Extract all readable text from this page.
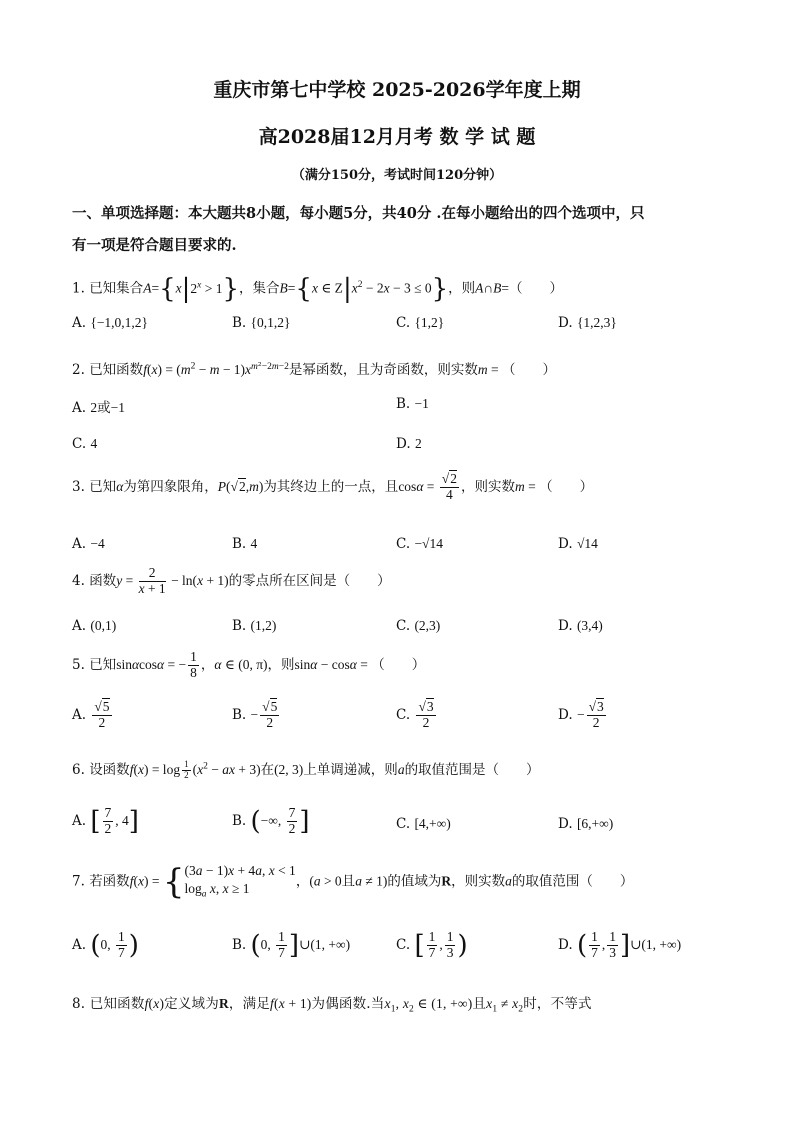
重庆市第七中学校 2025-2026学年度上期
高2028届12月月考 数 学 试 题
（满分150分，考试时间120分钟）
一、单项选择题：本大题共8小题，每小题5分，共40分 .在每小题给出的四个选项中，只
有一项是符合题目要求的.
1. 已知集合$A=\{x|2^x > 1\}$，集合B={x ∈ $Z|x^2 - 2x - 3 \le 0$}，则A∩B=（　　）
A. {−1,0,1,2}	B. {0,1,2}	C. {1,2}	D. {1,2,3}
2. 已知函数$f(x) = (m^2 - m - 1)x^{m^2-2m-2}$是幂函数，且为奇函数，则实数m = （　　）
A. 2或−1	B. −1
C. 4	D. 2
3. 已知α为第四象限角，P(√2,m)为其终边上的一点，且$\cos\alpha = \frac{√2}{4}$ ，则实数m = （　　）
A. −4	B. 4	C. −√14	D. √14
4. 函数$y = \frac{2}{x + 1} - \ln(x + 1)$的零点所在区间是（　　）
A. (0,1)	B. (1,2)	C. (2,3)	D. (3,4)
5. 已知sinαcosα = − $\frac{1}{8}$ ，α ∈ (0, π)，则sinα − cosα = （　　）
A. $\frac{√5}{2}$	B. − $\frac{√5}{2}$	C. $\frac{√3}{2}$	D. − $\frac{√3}{2}$
6. 设函数$f(x) = \log \frac{1}{2} (x^2$ − ax + 3)在(2, 3)上单调递减，则a的取值范围是（　　）
A. [ $\frac{7}{2}$ , 4]	B. (−∞, $\frac{7}{2}$ ]	C. [4,+∞)	D. [6,+∞)
7. 若函数f(x) = {(3a − 1)x + 4a, x < 1
$\log_a x$, x ≥ 1	，(a > 0且a ≠ 1)的值域为R，则实数a的取值范围（　　）
A. (0, $\frac{1}{7}$ )	B. (0, $\frac{1}{7}$ ]∪(1, +∞)	C. [ $\frac{1}{7}$ , $\frac{1}{3}$ )	D. ( $\frac{1}{7}$ , $\frac{1}{3}$ ]∪(1, +∞)
8. 已知函数f(x)定义域为R，满足f(x + 1)为偶函数.当$x_1$, $x_2$ ∈ (1, +∞)且$x_1 \ne x_2$时，不等式
